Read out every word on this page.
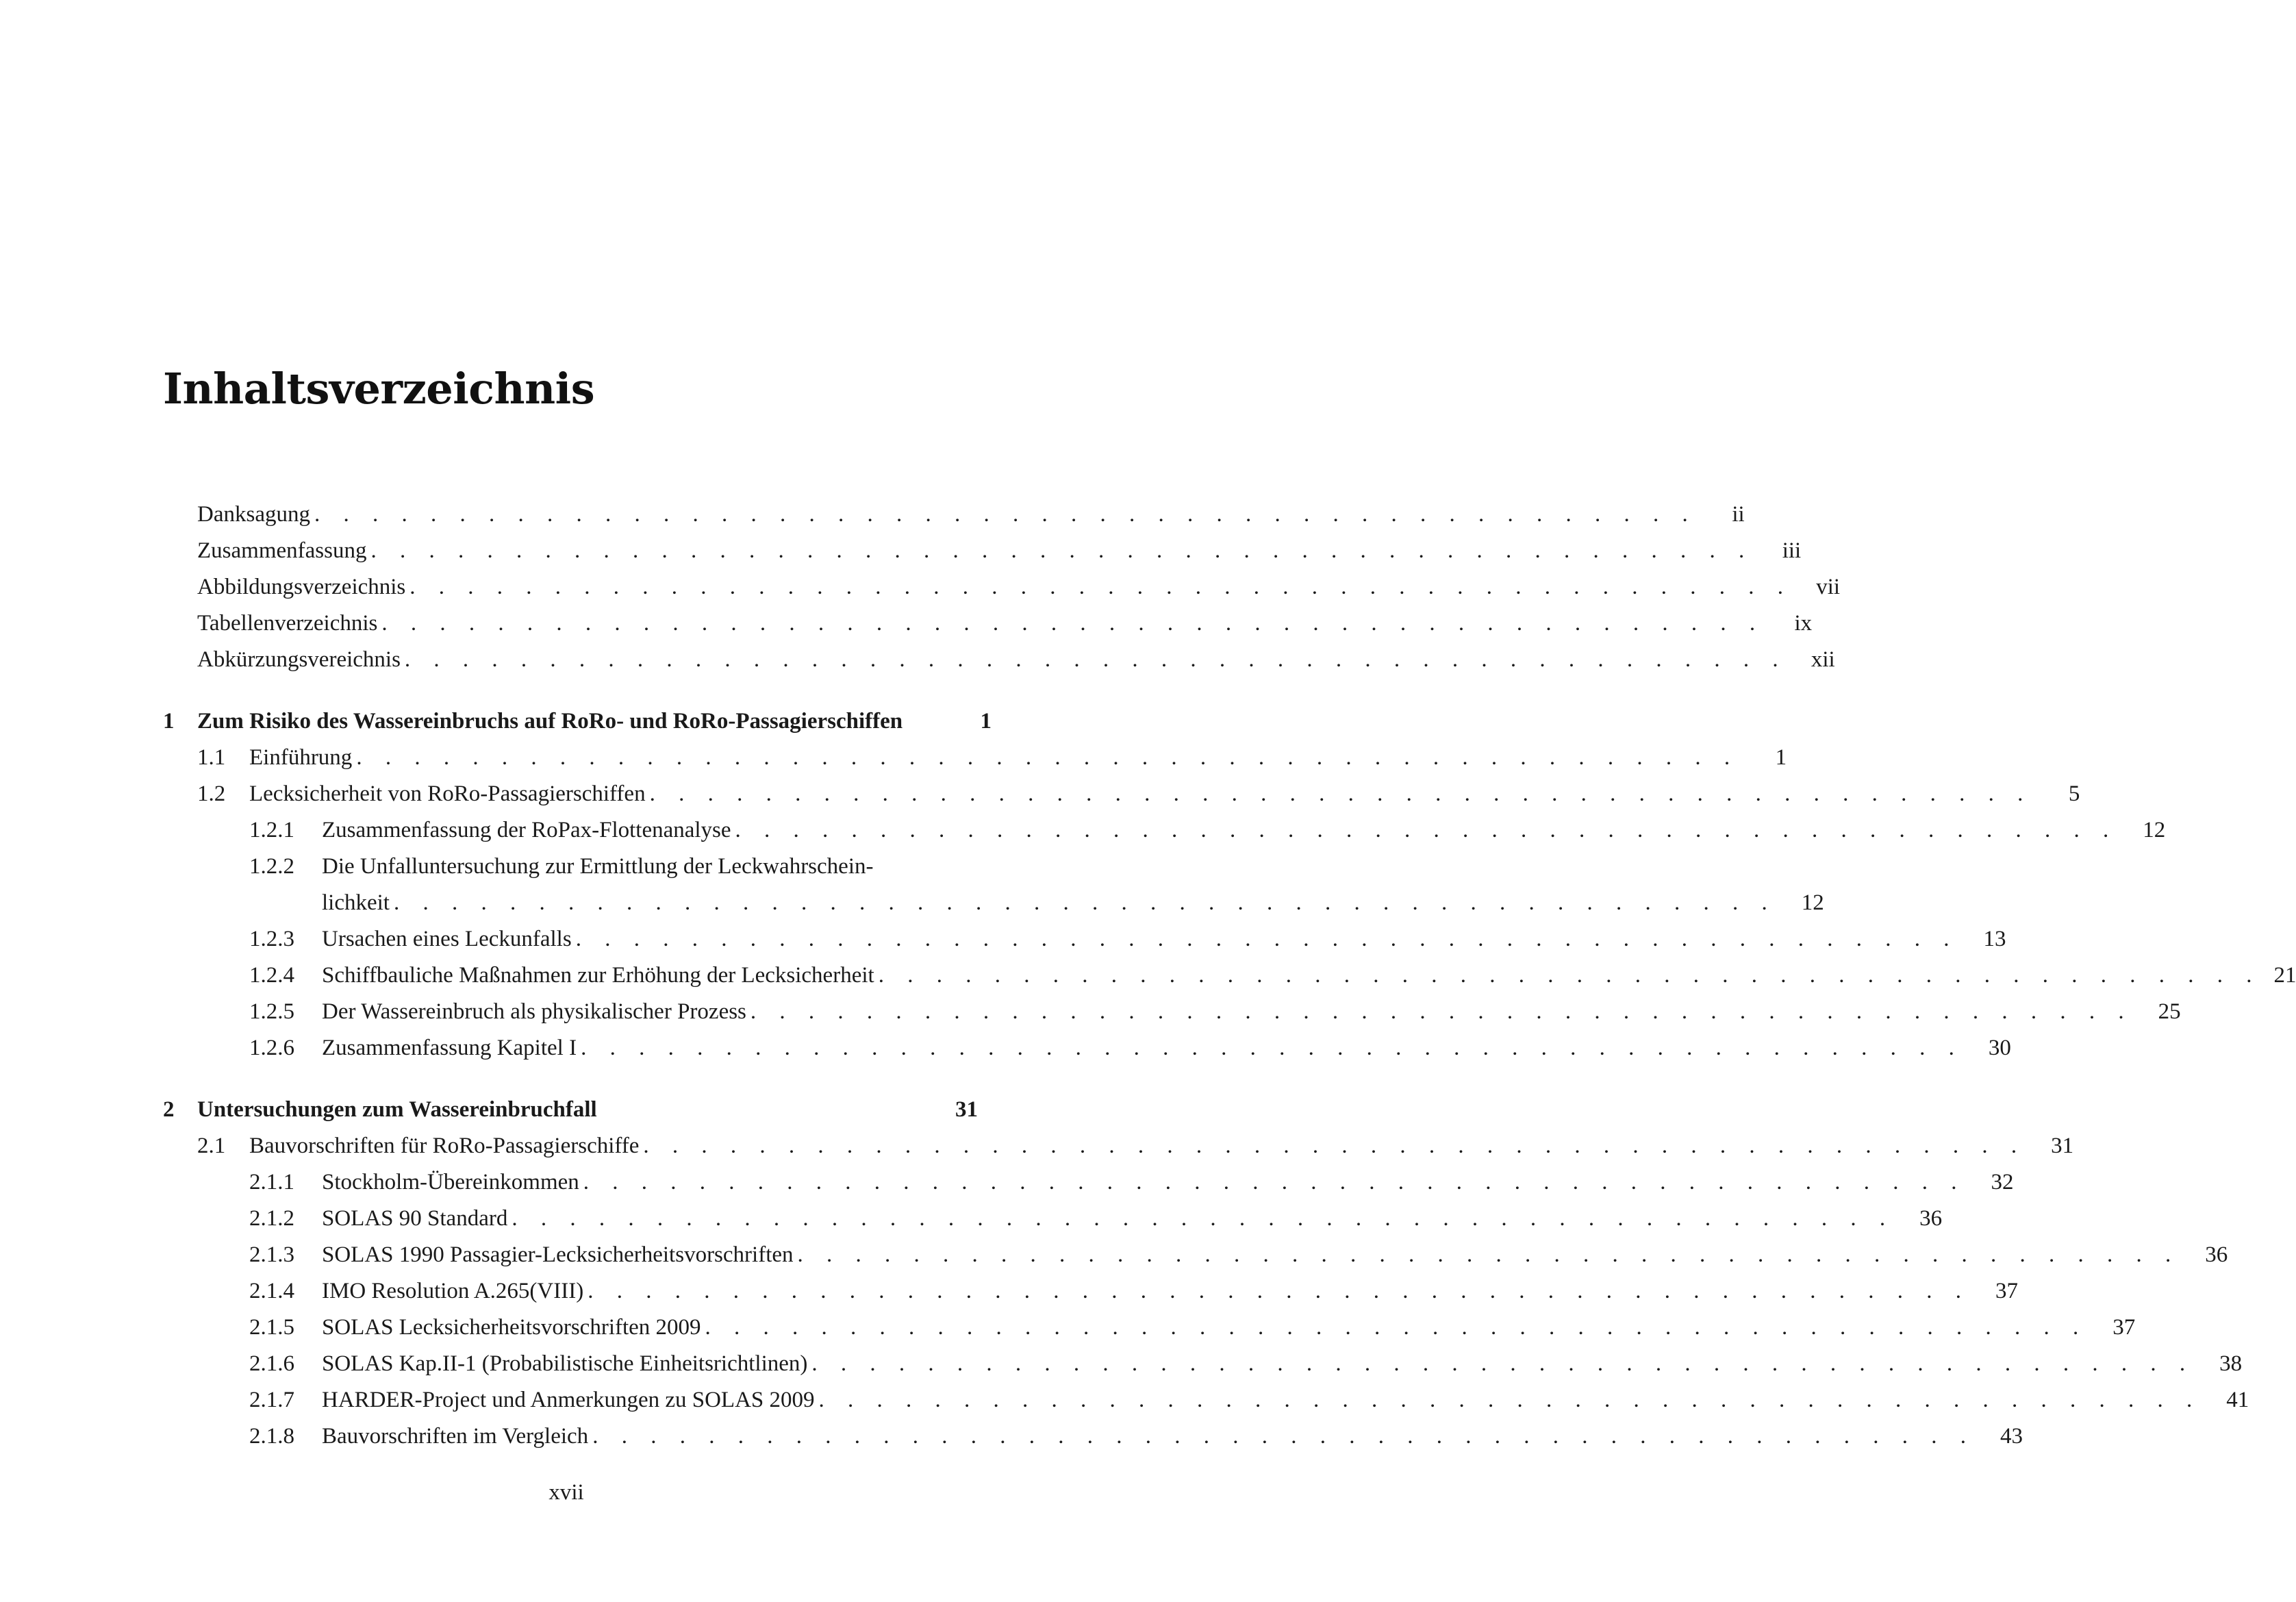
Inhaltsverzeichnis
Danksagung . . . . . . . . . . . . . . . . . . . . . . . . . . . . . . . . . . . . . . . . . . . . . . . .	ii
Zusammenfassung . . . . . . . . . . . . . . . . . . . . . . . . . . . . . . . . . . . . . . . . . . . . . . . .	iii
Abbildungsverzeichnis . . . . . . . . . . . . . . . . . . . . . . . . . . . . . . . . . . . . . . . . . . . . . . . .	vii
Tabellenverzeichnis . . . . . . . . . . . . . . . . . . . . . . . . . . . . . . . . . . . . . . . . . . . . . . . .	ix
Abkürzungsvereichnis . . . . . . . . . . . . . . . . . . . . . . . . . . . . . . . . . . . . . . . . . . . . . . . .	xii
1	Zum Risiko des Wassereinbruchs auf RoRo- und RoRo-Passagierschiffen	1
1.1	Einführung . . . . . . . . . . . . . . . . . . . . . . . . . . . . . . . . . . . . . . . . . . . . . . . .	1
1.2	Lecksicherheit von RoRo-Passagierschiffen . . . . . . . . . . . . . . . . . . . . . . . . . . . . . . . . . . . . . . . . . . . . . . . .	5
1.2.1	Zusammenfassung der RoPax-Flottenanalyse . . . . . . . . . . . . . . . . . . . . . . . . . . . . . . . . . . . . . . . . . . . . . . . .	12
1.2.2	Die Unfalluntersuchung zur Ermittlung der Leckwahrschein-
lichkeit . . . . . . . . . . . . . . . . . . . . . . . . . . . . . . . . . . . . . . . . . . . . . . . .	12
1.2.3	Ursachen eines Leckunfalls . . . . . . . . . . . . . . . . . . . . . . . . . . . . . . . . . . . . . . . . . . . . . . . .	13
1.2.4	Schiffbauliche Maßnahmen zur Erhöhung der Lecksicherheit . . . . . . . . . . . . . . . . . . . . . . . . . . . . . . . . . . . . . . . . . . . . . . . . 21
1.2.5	Der Wassereinbruch als physikalischer Prozess . . . . . . . . . . . . . . . . . . . . . . . . . . . . . . . . . . . . . . . . . . . . . . . .	25
1.2.6	Zusammenfassung Kapitel I . . . . . . . . . . . . . . . . . . . . . . . . . . . . . . . . . . . . . . . . . . . . . . . .	30
2	Untersuchungen zum Wassereinbruchfall	31
2.1	Bauvorschriften für RoRo-Passagierschiffe . . . . . . . . . . . . . . . . . . . . . . . . . . . . . . . . . . . . . . . . . . . . . . . .	31
2.1.1	Stockholm-Übereinkommen . . . . . . . . . . . . . . . . . . . . . . . . . . . . . . . . . . . . . . . . . . . . . . . .	32
2.1.2	SOLAS 90 Standard . . . . . . . . . . . . . . . . . . . . . . . . . . . . . . . . . . . . . . . . . . . . . . . .	36
2.1.3	SOLAS 1990 Passagier-Lecksicherheitsvorschriften . . . . . . . . . . . . . . . . . . . . . . . . . . . . . . . . . . . . . . . . . . . . . . . .	36
2.1.4	IMO Resolution A.265(VIII) . . . . . . . . . . . . . . . . . . . . . . . . . . . . . . . . . . . . . . . . . . . . . . . .	37
2.1.5	SOLAS Lecksicherheitsvorschriften 2009 . . . . . . . . . . . . . . . . . . . . . . . . . . . . . . . . . . . . . . . . . . . . . . . .	37
2.1.6	SOLAS Kap.II-1 (Probabilistische Einheitsrichtlinen) . . . . . . . . . . . . . . . . . . . . . . . . . . . . . . . . . . . . . . . . . . . . . . . .	38
2.1.7	HARDER-Project und Anmerkungen zu SOLAS 2009 . . . . . . . . . . . . . . . . . . . . . . . . . . . . . . . . . . . . . . . . . . . . . . . .	41
2.1.8	Bauvorschriften im Vergleich . . . . . . . . . . . . . . . . . . . . . . . . . . . . . . . . . . . . . . . . . . . . . . . .	43
xvii
